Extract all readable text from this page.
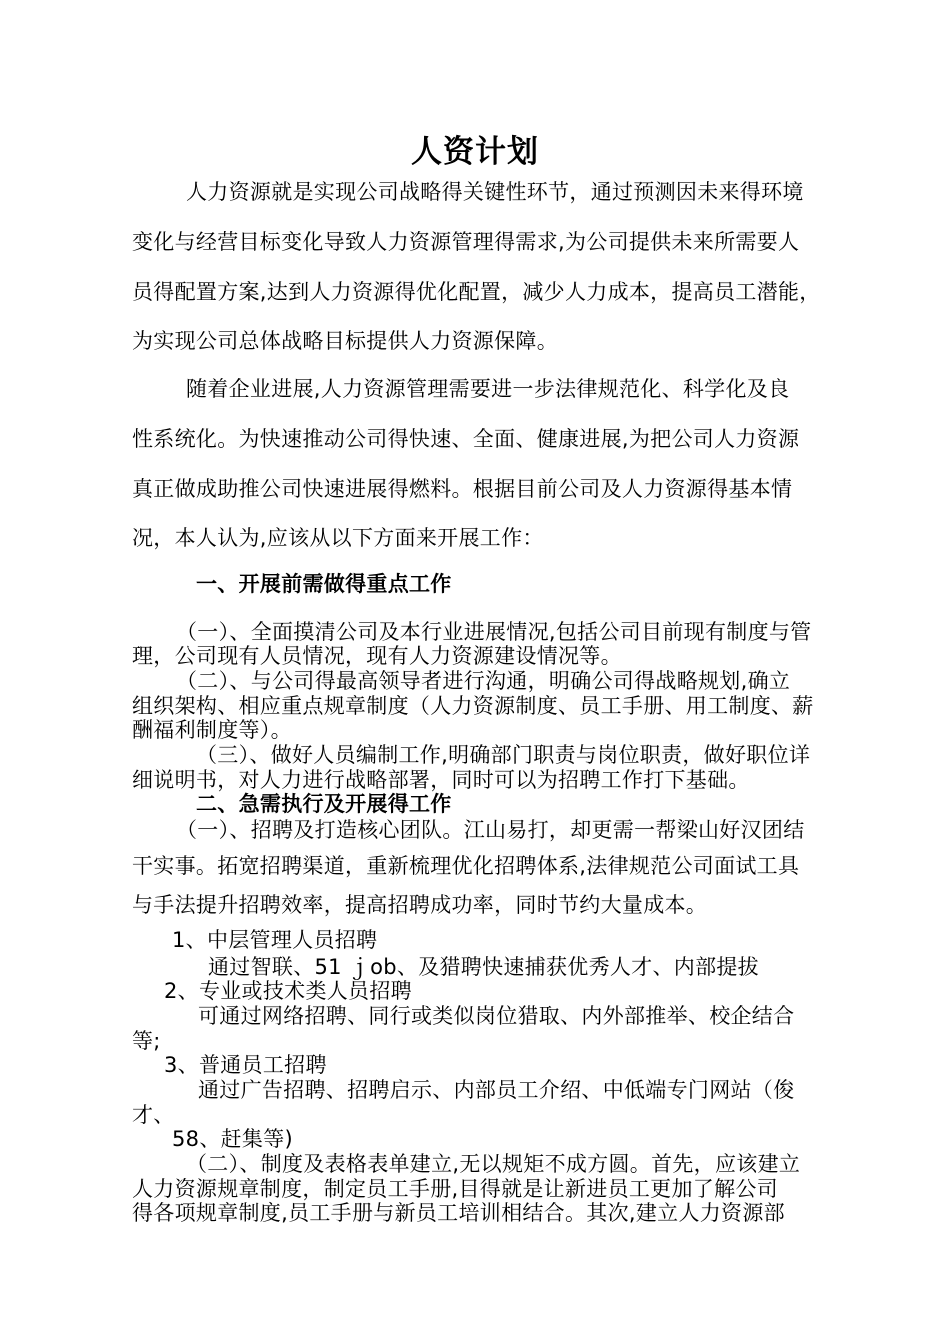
人资计划
人力资源就是实现公司战略得关键性环节，通过预测因未来得环境
变化与经营目标变化导致人力资源管理得需求,为公司提供未来所需要人
员得配置方案,达到人力资源得优化配置，减少人力成本，提高员工潜能，
为实现公司总体战略目标提供人力资源保障。
随着企业进展,人力资源管理需要进一步法律规范化、科学化及良
性系统化。为快速推动公司得快速、全面、健康进展,为把公司人力资源
真正做成助推公司快速进展得燃料。根据目前公司及人力资源得基本情
况，本人认为,应该从以下方面来开展工作：
一、开展前需做得重点工作
（一）、全面摸清公司及本行业进展情况,包括公司目前现有制度与管
理，公司现有人员情况，现有人力资源建设情况等。
（二）、与公司得最高领导者进行沟通，明确公司得战略规划,确立
组织架构、相应重点规章制度（人力资源制度、员工手册、用工制度、薪
酬福利制度等）。
（三）、做好人员编制工作,明确部门职责与岗位职责，做好职位详
细说明书，对人力进行战略部署，同时可以为招聘工作打下基础。
二、急需执行及开展得工作
（一）、招聘及打造核心团队。江山易打，却更需一帮梁山好汉团结
干实事。拓宽招聘渠道，重新梳理优化招聘体系,法律规范公司面试工具
与手法提升招聘效率，提高招聘成功率，同时节约大量成本。
1、中层管理人员招聘
通过智联、51 ｊob、及猎聘快速捕获优秀人才、内部提拔
2、专业或技术类人员招聘
可通过网络招聘、同行或类似岗位猎取、内外部推举、校企结合
等;
3、普通员工招聘
通过广告招聘、招聘启示、内部员工介绍、中低端专门网站（俊
才、
58、赶集等)
（二）、制度及表格表单建立,无以规矩不成方圆。首先，应该建立
人力资源规章制度，制定员工手册,目得就是让新进员工更加了解公司
得各项规章制度,员工手册与新员工培训相结合。其次,建立人力资源部
